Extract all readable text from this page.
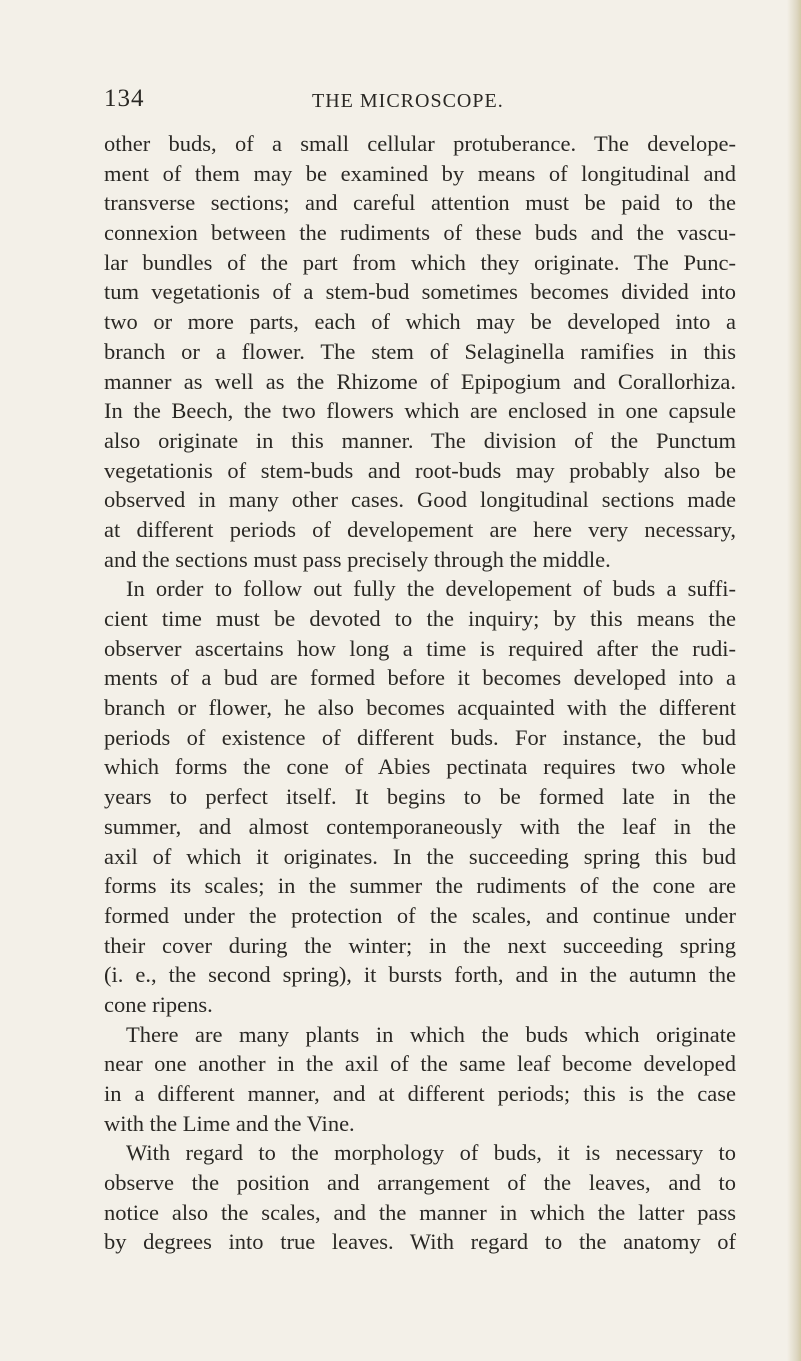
134	THE MICROSCOPE.
other buds, of a small cellular protuberance. The develope-
ment of them may be examined by means of longitudinal and
transverse sections; and careful attention must be paid to the
connexion between the rudiments of these buds and the vascu-
lar bundles of the part from which they originate. The Punc-
tum vegetationis of a stem-bud sometimes becomes divided into
two or more parts, each of which may be developed into a
branch or a flower. The stem of Selaginella ramifies in this
manner as well as the Rhizome of Epipogium and Corallorhiza.
In the Beech, the two flowers which are enclosed in one capsule
also originate in this manner. The division of the Punctum
vegetationis of stem-buds and root-buds may probably also be
observed in many other cases. Good longitudinal sections made
at different periods of developement are here very necessary,
and the sections must pass precisely through the middle.
In order to follow out fully the developement of buds a suffi-
cient time must be devoted to the inquiry; by this means the
observer ascertains how long a time is required after the rudi-
ments of a bud are formed before it becomes developed into a
branch or flower, he also becomes acquainted with the different
periods of existence of different buds. For instance, the bud
which forms the cone of Abies pectinata requires two whole
years to perfect itself. It begins to be formed late in the
summer, and almost contemporaneously with the leaf in the
axil of which it originates. In the succeeding spring this bud
forms its scales; in the summer the rudiments of the cone are
formed under the protection of the scales, and continue under
their cover during the winter; in the next succeeding spring
(i. e., the second spring), it bursts forth, and in the autumn the
cone ripens.
There are many plants in which the buds which originate
near one another in the axil of the same leaf become developed
in a different manner, and at different periods; this is the case
with the Lime and the Vine.
With regard to the morphology of buds, it is necessary to
observe the position and arrangement of the leaves, and to
notice also the scales, and the manner in which the latter pass
by degrees into true leaves. With regard to the anatomy of
